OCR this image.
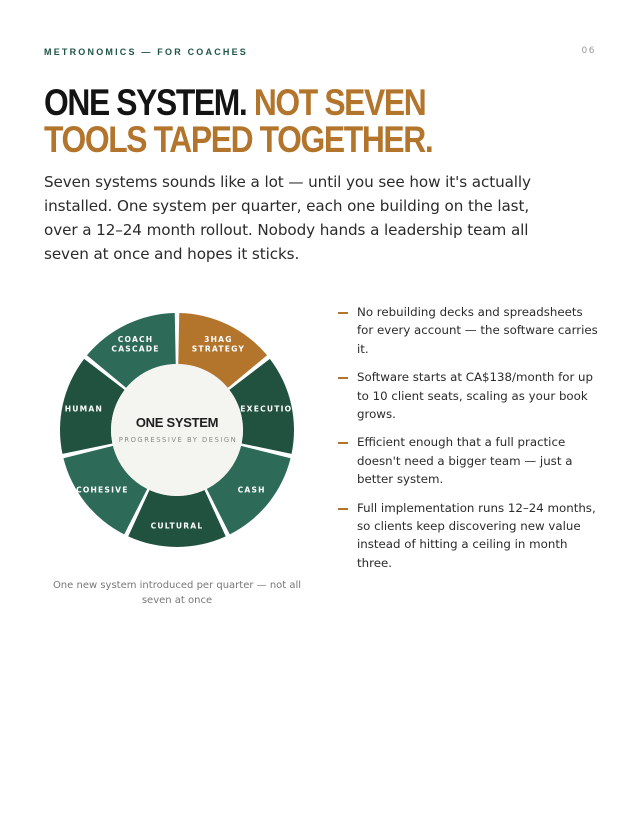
METRONOMICS — FOR COACHES	06
ONE SYSTEM. NOT SEVEN TOOLS TAPED TOGETHER.

Seven systems sounds like a lot — until you see how it's actually installed. One system per quarter, each one building on the last, over a 12–24 month rollout. Nobody hands a leadership team all seven at once and hopes it sticks.

3HAG STRATEGY
EXECUTION
CASH
CULTURAL
COHESIVE
HUMAN
COACH CASCADE
ONE SYSTEM
PROGRESSIVE BY DESIGN

One new system introduced per quarter — not all seven at once

No rebuilding decks and spreadsheets for every account — the software carries it.
Software starts at CA$138/month for up to 10 client seats, scaling as your book grows.
Efficient enough that a full practice doesn't need a bigger team — just a better system.
Full implementation runs 12–24 months, so clients keep discovering new value instead of hitting a ceiling in month three.
